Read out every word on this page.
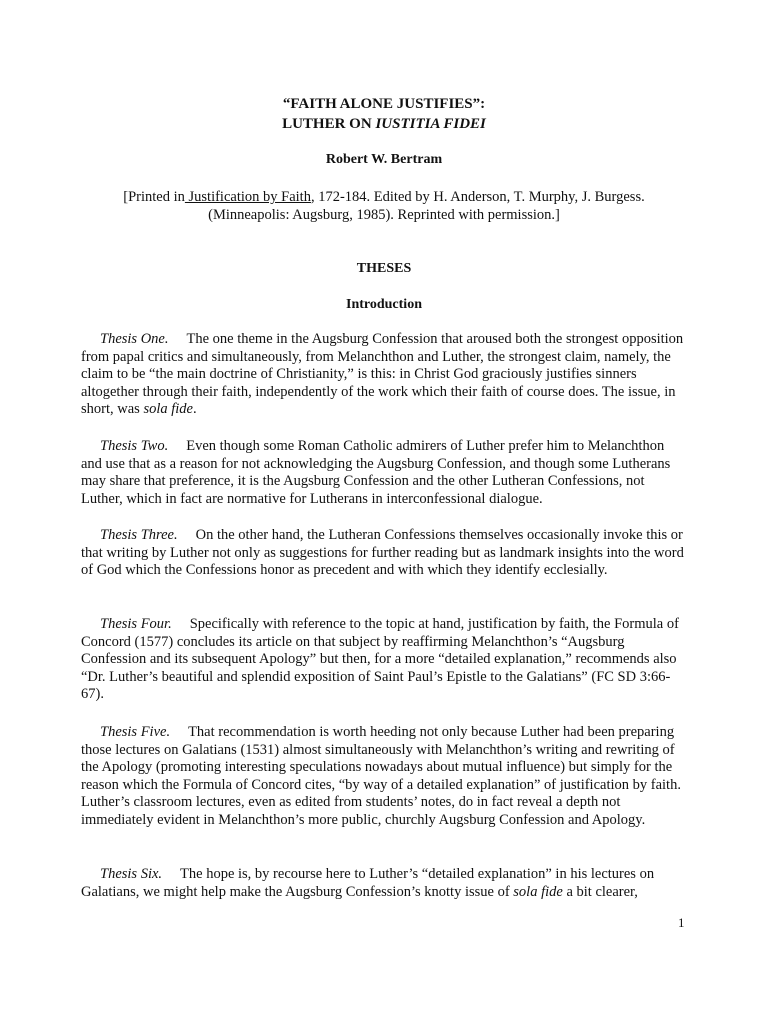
“FAITH ALONE JUSTIFIES”:
LUTHER ON IUSTITIA FIDEI
Robert W. Bertram
[Printed in Justification by Faith, 172-184. Edited by H. Anderson, T. Murphy, J. Burgess.
(Minneapolis: Augsburg, 1985). Reprinted with permission.]
THESES
Introduction
Thesis One. The one theme in the Augsburg Confession that aroused both the strongest opposition from papal critics and simultaneously, from Melanchthon and Luther, the strongest claim, namely, the claim to be “the main doctrine of Christianity,” is this: in Christ God graciously justifies sinners altogether through their faith, independently of the work which their faith of course does. The issue, in short, was sola fide.
Thesis Two. Even though some Roman Catholic admirers of Luther prefer him to Melanchthon and use that as a reason for not acknowledging the Augsburg Confession, and though some Lutherans may share that preference, it is the Augsburg Confession and the other Lutheran Confessions, not Luther, which in fact are normative for Lutherans in interconfessional dialogue.
Thesis Three. On the other hand, the Lutheran Confessions themselves occasionally invoke this or that writing by Luther not only as suggestions for further reading but as landmark insights into the word of God which the Confessions honor as precedent and with which they identify ecclesially.
Thesis Four. Specifically with reference to the topic at hand, justification by faith, the Formula of Concord (1577) concludes its article on that subject by reaffirming Melanchthon’s “Augsburg Confession and its subsequent Apology” but then, for a more “detailed explanation,” recommends also “Dr. Luther’s beautiful and splendid exposition of Saint Paul’s Epistle to the Galatians” (FC SD 3:66-67).
Thesis Five. That recommendation is worth heeding not only because Luther had been preparing those lectures on Galatians (1531) almost simultaneously with Melanchthon’s writing and rewriting of the Apology (promoting interesting speculations nowadays about mutual influence) but simply for the reason which the Formula of Concord cites, “by way of a detailed explanation” of justification by faith. Luther’s classroom lectures, even as edited from students’ notes, do in fact reveal a depth not immediately evident in Melanchthon’s more public, churchly Augsburg Confession and Apology.
Thesis Six. The hope is, by recourse here to Luther’s “detailed explanation” in his lectures on Galatians, we might help make the Augsburg Confession’s knotty issue of sola fide a bit clearer,
1
